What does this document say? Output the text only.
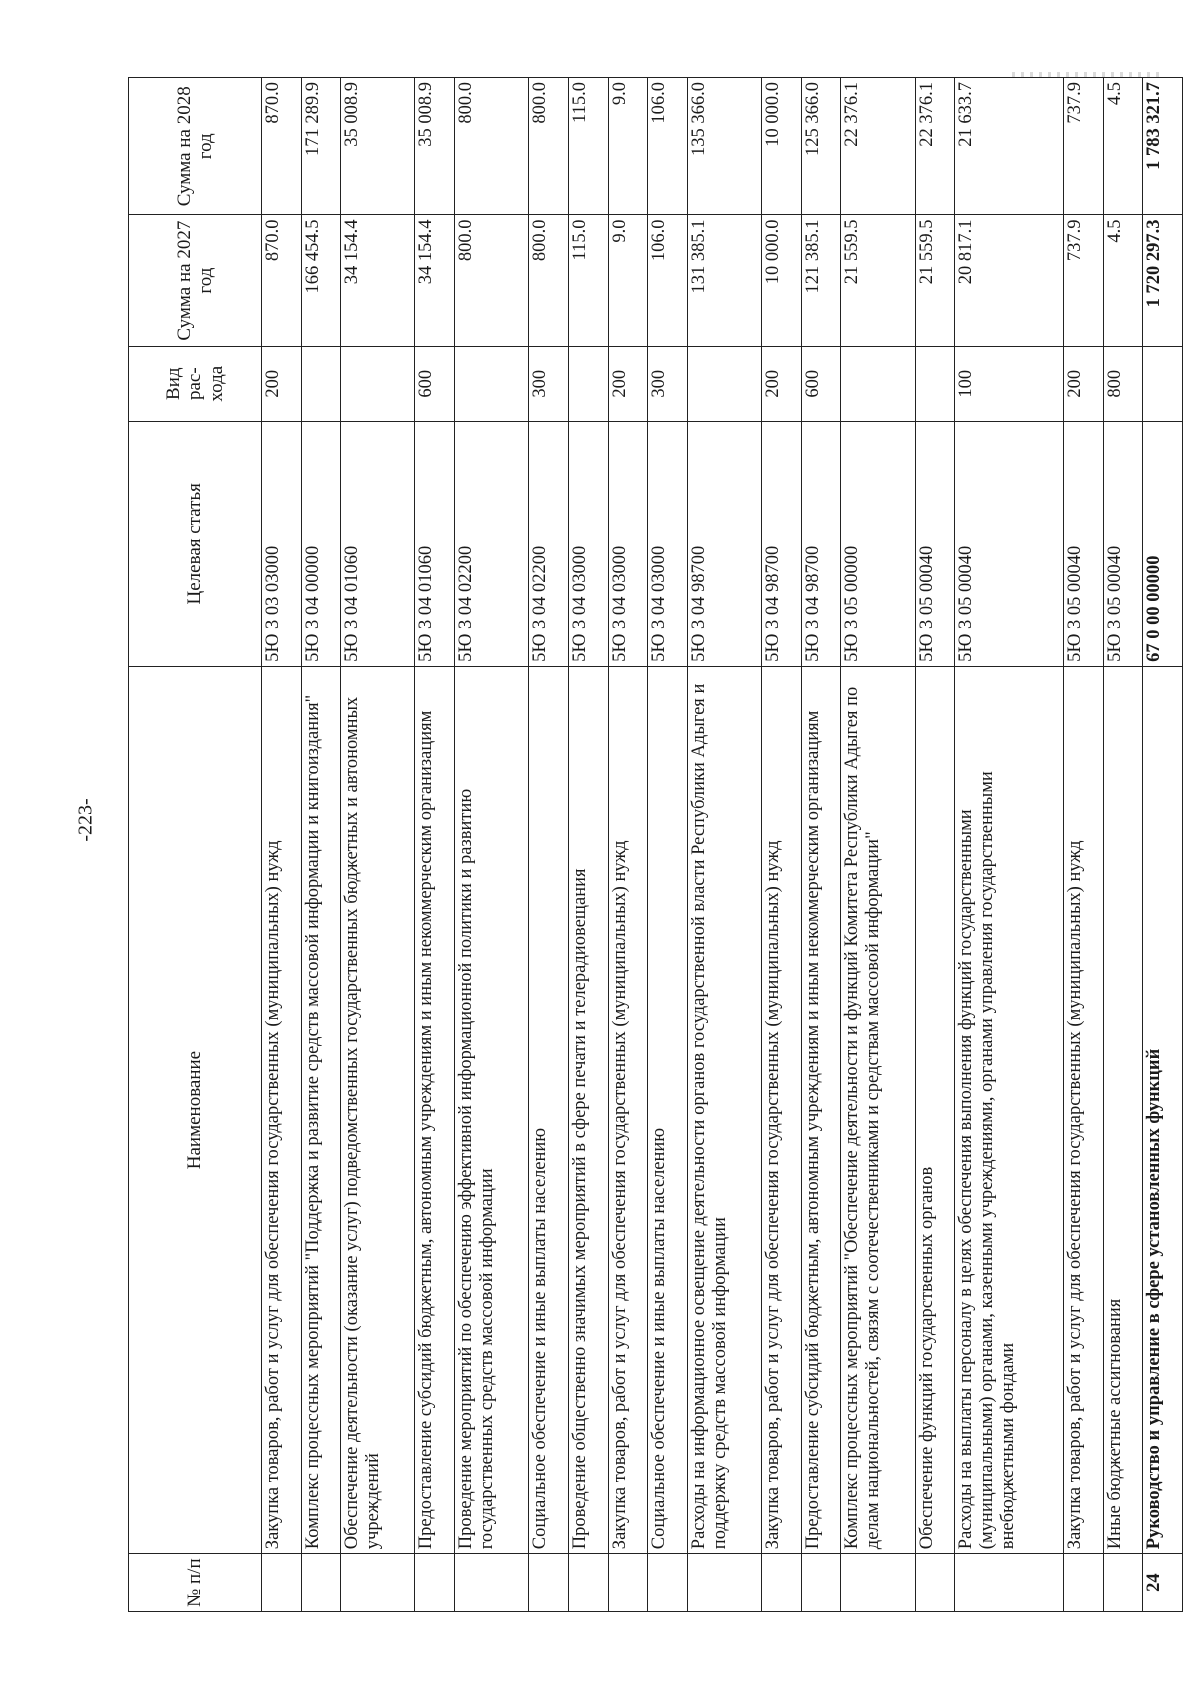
-223-
№ п/п	Наименование	Целевая статья	Вид рас- хода	Сумма на 2027 год	Сумма на 2028 год
	Закупка товаров, работ и услуг для обеспечения государственных (муниципальных) нужд	5Ю 3 03 03000	200	870.0	870.0
	Комплекс процессных мероприятий "Поддержка и развитие средств массовой информации и книгоиздания"	5Ю 3 04 00000		166 454.5	171 289.9
	Обеспечение деятельности (оказание услуг) подведомственных государственных бюджетных и автономных учреждений	5Ю 3 04 01060		34 154.4	35 008.9
	Предоставление субсидий бюджетным, автономным учреждениям и иным некоммерческим организациям	5Ю 3 04 01060	600	34 154.4	35 008.9
	Проведение мероприятий по обеспечению эффективной информационной политики и развитию государственных средств массовой информации	5Ю 3 04 02200		800.0	800.0
	Социальное обеспечение и иные выплаты населению	5Ю 3 04 02200	300	800.0	800.0
	Проведение общественно значимых мероприятий в сфере печати и телерадиовещания	5Ю 3 04 03000		115.0	115.0
	Закупка товаров, работ и услуг для обеспечения государственных (муниципальных) нужд	5Ю 3 04 03000	200	9.0	9.0
	Социальное обеспечение и иные выплаты населению	5Ю 3 04 03000	300	106.0	106.0
	Расходы на информационное освещение деятельности органов государственной власти Республики Адыгея и поддержку средств массовой информации	5Ю 3 04 98700		131 385.1	135 366.0
	Закупка товаров, работ и услуг для обеспечения государственных (муниципальных) нужд	5Ю 3 04 98700	200	10 000.0	10 000.0
	Предоставление субсидий бюджетным, автономным учреждениям и иным некоммерческим организациям	5Ю 3 04 98700	600	121 385.1	125 366.0
	Комплекс процессных мероприятий "Обеспечение деятельности и функций Комитета Республики Адыгея по делам национальностей, связям с соотечественниками и средствам массовой информации"	5Ю 3 05 00000		21 559.5	22 376.1
	Обеспечение функций государственных органов	5Ю 3 05 00040		21 559.5	22 376.1
	Расходы на выплаты персоналу в целях обеспечения выполнения функций государственными (муниципальными) органами, казенными учреждениями, органами управления государственными внебюджетными фондами	5Ю 3 05 00040	100	20 817.1	21 633.7
	Закупка товаров, работ и услуг для обеспечения государственных (муниципальных) нужд	5Ю 3 05 00040	200	737.9	737.9
	Иные бюджетные ассигнования	5Ю 3 05 00040	800	4.5	4.5
24	Руководство и управление в сфере установленных функций	67 0 00 00000		1 720 297.3	1 783 321.7
